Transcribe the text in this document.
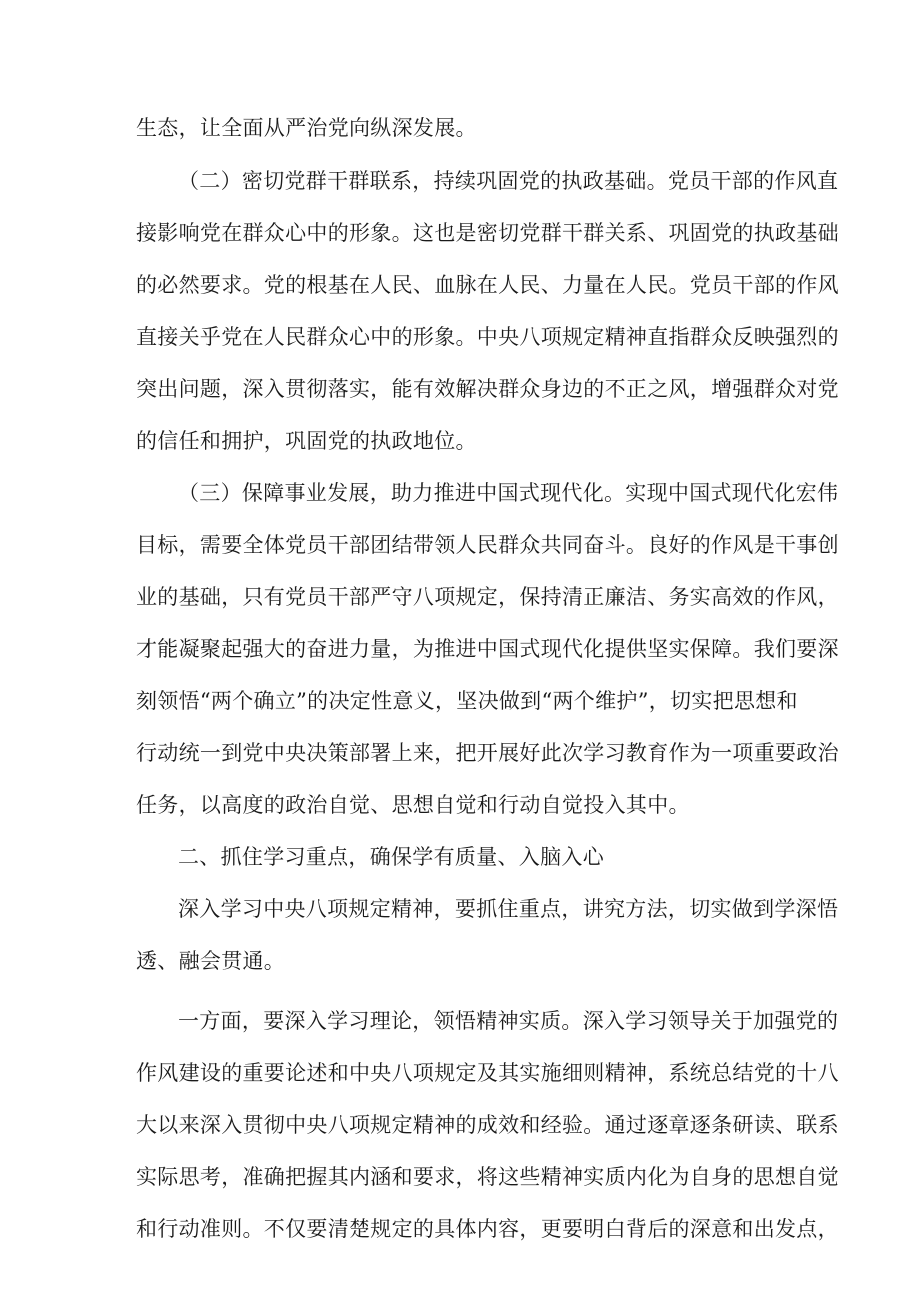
生态，让全面从严治党向纵深发展。

（二）密切党群干群联系，持续巩固党的执政基础。党员干部的作风直

接影响党在群众心中的形象。这也是密切党群干群关系、巩固党的执政基础

的必然要求。党的根基在人民、血脉在人民、力量在人民。党员干部的作风

直接关乎党在人民群众心中的形象。中央八项规定精神直指群众反映强烈的

突出问题，深入贯彻落实，能有效解决群众身边的不正之风，增强群众对党

的信任和拥护，巩固党的执政地位。

（三）保障事业发展，助力推进中国式现代化。实现中国式现代化宏伟

目标，需要全体党员干部团结带领人民群众共同奋斗。良好的作风是干事创

业的基础，只有党员干部严守八项规定，保持清正廉洁、务实高效的作风，

才能凝聚起强大的奋进力量，为推进中国式现代化提供坚实保障。我们要深

刻领悟“两个确立”的决定性意义，坚决做到“两个维护”，切实把思想和

行动统一到党中央决策部署上来，把开展好此次学习教育作为一项重要政治

任务，以高度的政治自觉、思想自觉和行动自觉投入其中。

二、抓住学习重点，确保学有质量、入脑入心

深入学习中央八项规定精神，要抓住重点，讲究方法，切实做到学深悟

透、融会贯通。

一方面，要深入学习理论，领悟精神实质。深入学习领导关于加强党的

作风建设的重要论述和中央八项规定及其实施细则精神，系统总结党的十八

大以来深入贯彻中央八项规定精神的成效和经验。通过逐章逐条研读、联系

实际思考，准确把握其内涵和要求，将这些精神实质内化为自身的思想自觉

和行动准则。不仅要清楚规定的具体内容，更要明白背后的深意和出发点，
